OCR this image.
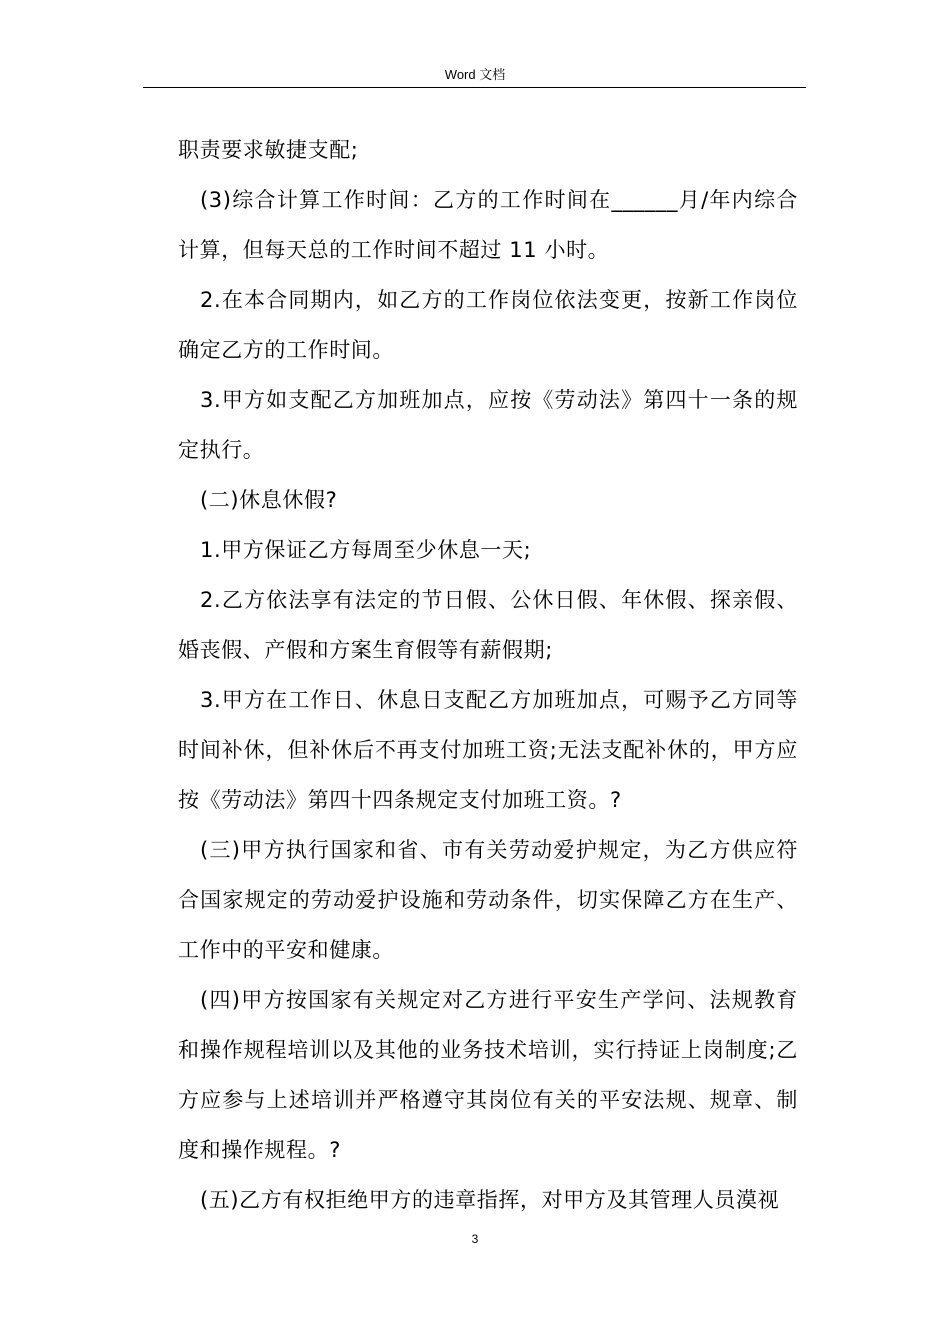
Word 文档

职责要求敏捷支配;

(3)综合计算工作时间：乙方的工作时间在______月/年内综合计算，但每天总的工作时间不超过 11 小时。

2.在本合同期内，如乙方的工作岗位依法变更，按新工作岗位确定乙方的工作时间。

3.甲方如支配乙方加班加点，应按《劳动法》第四十一条的规定执行。

(二)休息休假?

1.甲方保证乙方每周至少休息一天;

2.乙方依法享有法定的节日假、公休日假、年休假、探亲假、婚丧假、产假和方案生育假等有薪假期;

3.甲方在工作日、休息日支配乙方加班加点，可赐予乙方同等时间补休，但补休后不再支付加班工资;无法支配补休的，甲方应按《劳动法》第四十四条规定支付加班工资。?

(三)甲方执行国家和省、市有关劳动爱护规定，为乙方供应符合国家规定的劳动爱护设施和劳动条件，切实保障乙方在生产、工作中的平安和健康。

(四)甲方按国家有关规定对乙方进行平安生产学问、法规教育和操作规程培训以及其他的业务技术培训，实行持证上岗制度;乙方应参与上述培训并严格遵守其岗位有关的平安法规、规章、制度和操作规程。?

(五)乙方有权拒绝甲方的违章指挥，对甲方及其管理人员漠视

3
